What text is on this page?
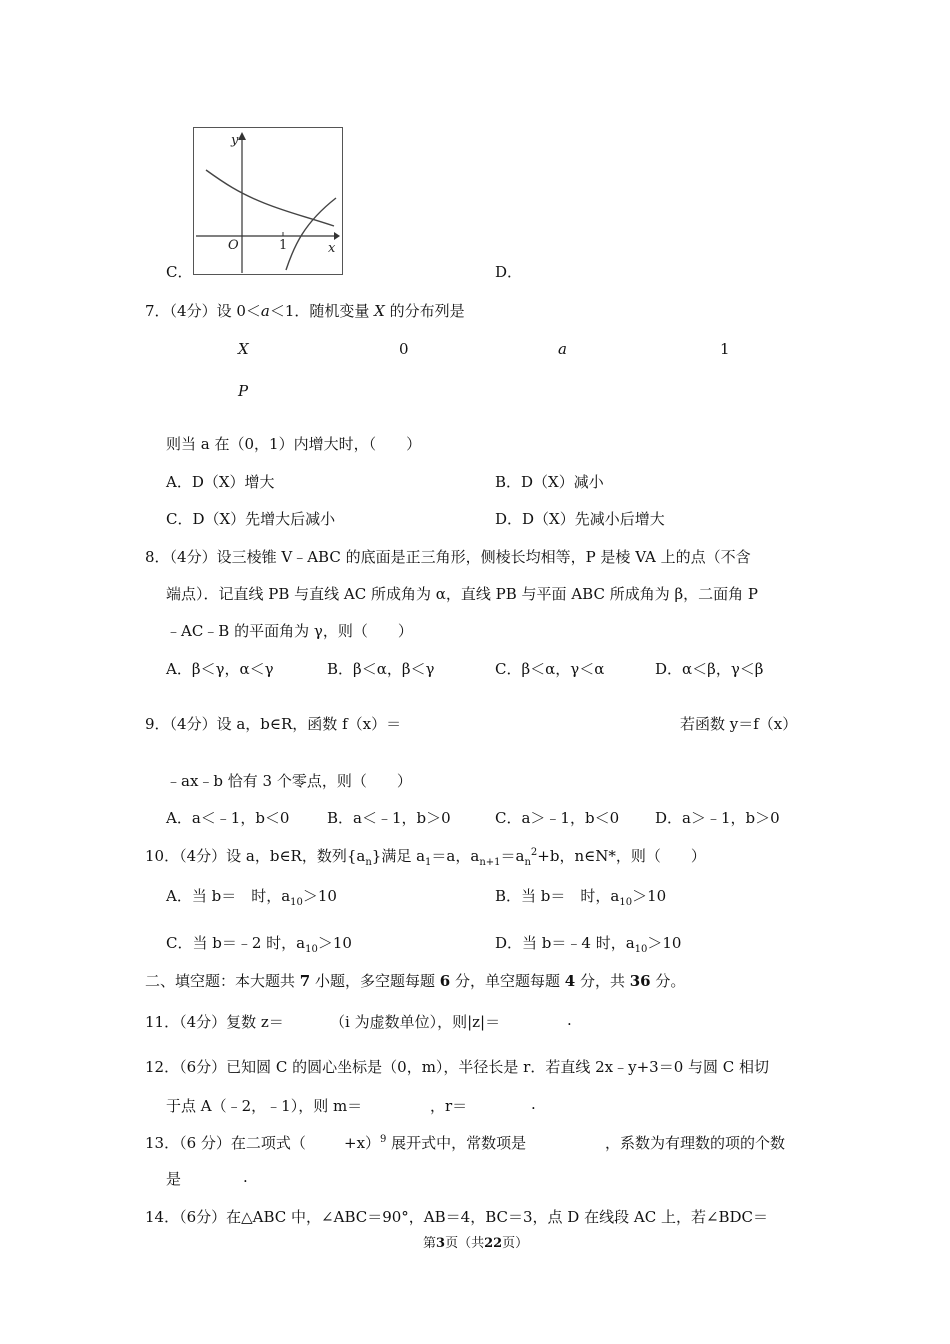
C．
y
x
O	1
D．
7．（4分）设 0＜a＜1．随机变量 X 的分布列是
X	0	a	1
P
则当 a 在（0，1）内增大时，（　　）
A．D（X）增大	B．D（X）减小
C．D（X）先增大后减小	D．D（X）先减小后增大
8．（4分）设三棱锥 V﹣ABC 的底面是正三角形，侧棱长均相等，P 是棱 VA 上的点（不含
端点）．记直线 PB 与直线 AC 所成角为 α，直线 PB 与平面 ABC 所成角为 β，二面角 P
﹣AC﹣B 的平面角为 γ，则（　　）
A．β＜γ，α＜γ	B．β＜α，β＜γ	C．β＜α，γ＜α	D．α＜β，γ＜β
9．（4分）设 a，b∈R，函数 f（x）＝	若函数 y＝f（x）
﹣ax﹣b 恰有 3 个零点，则（　　）
A．a＜﹣1，b＜0	B．a＜﹣1，b＞0	C．a＞﹣1，b＜0 D．a＞﹣1，b＞0
10．（4分）设 a，b∈R，数列$\{a_n\}$满足 $a_1=a$，$a_{n+1}=a_n^2+b$，n∈N*，则（　　）
A．当 b＝　时，$a_{10}>10$	B．当 b＝　时，$a_{10}>10$
C．当 b＝﹣2 时，$a_{10}>10$	D．当 b＝﹣4 时，$a_{10}>10$
二、填空题：本大题共 7 小题，多空题每题 6 分，单空题每题 4 分，共 36 分。
11．（4分）复数 z＝	（i 为虚数单位），则|z|＝	.
12．（6分）已知圆 C 的圆心坐标是（0，m），半径长是 r．若直线 2x﹣y+3＝0 与圆 C 相切
于点 A（﹣2，﹣1），则 m＝	，r＝	.
13．（6 分）在二项式（	+x）$^9$ 展开式中，常数项是	，系数为有理数的项的个数
是	.
14．（6分）在△ABC 中，∠ABC＝90°，AB＝4，BC＝3，点 D 在线段 AC 上，若∠BDC＝
第3页（共22页）
